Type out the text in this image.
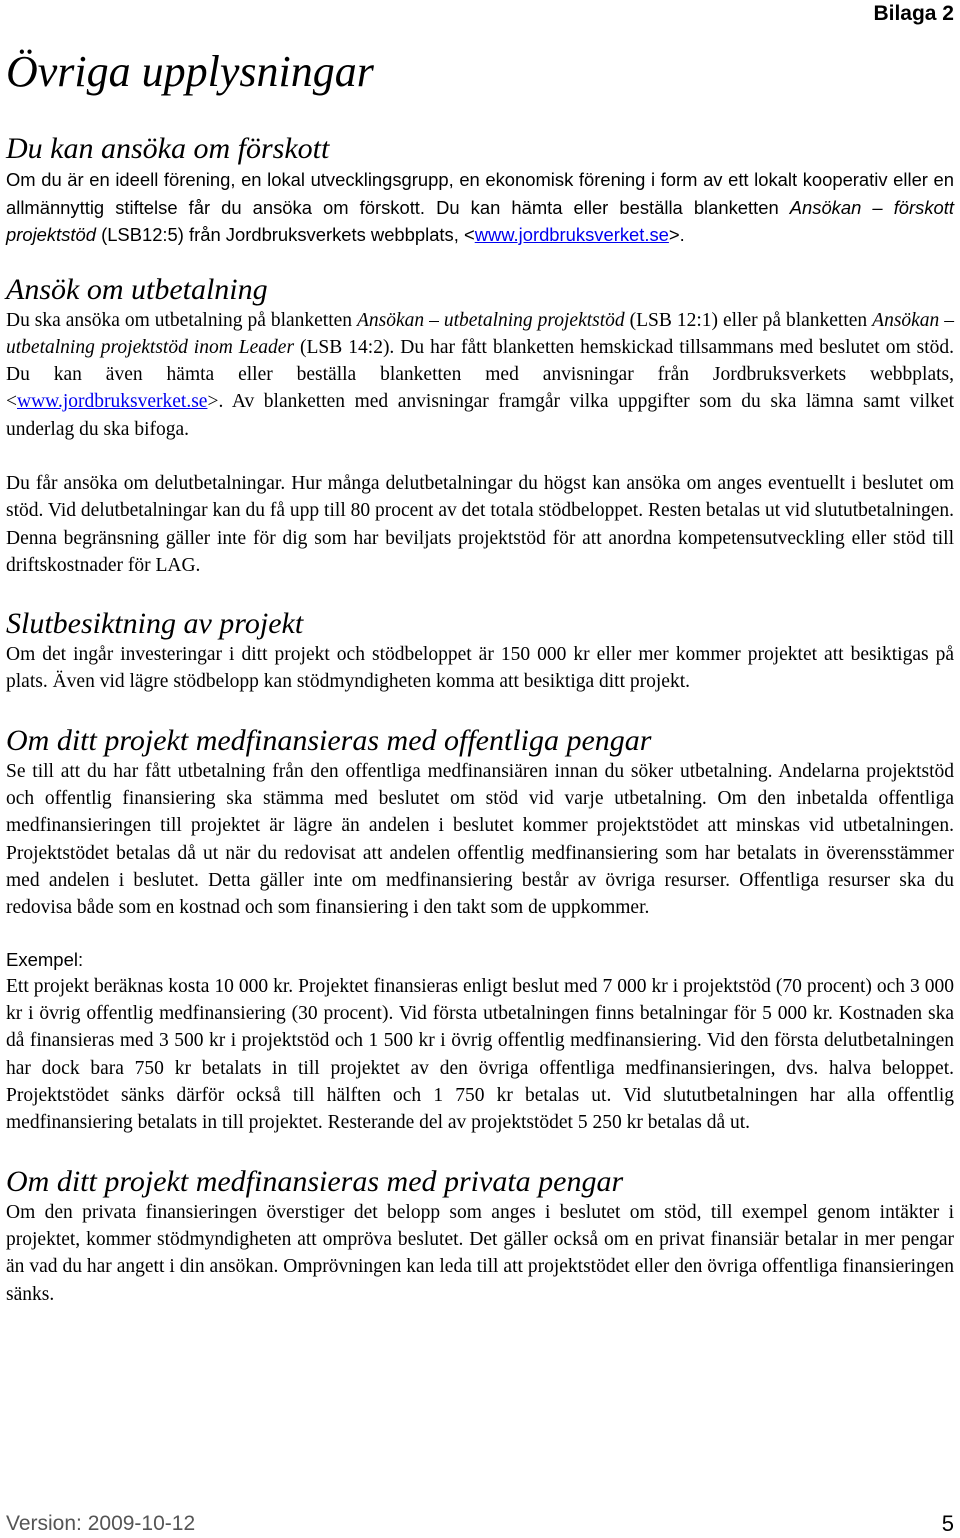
Bilaga 2
Övriga upplysningar
Du kan ansöka om förskott

Om du är en ideell förening, en lokal utvecklingsgrupp, en ekonomisk förening i form av ett lokalt kooperativ eller en allmännyttig stiftelse får du ansöka om förskott. Du kan hämta eller beställa blanketten Ansökan – förskott projektstöd (LSB12:5) från Jordbruksverkets webbplats, <www.jordbruksverket.se>.

Ansök om utbetalning

Du ska ansöka om utbetalning på blanketten Ansökan – utbetalning projektstöd (LSB 12:1) eller på blanketten Ansökan – utbetalning projektstöd inom Leader (LSB 14:2). Du har fått blanketten hemskickad tillsammans med beslutet om stöd. Du kan även hämta eller beställa blanketten med anvisningar från Jordbruksverkets webbplats, <www.jordbruksverket.se>. Av blanketten med anvisningar framgår vilka uppgifter som du ska lämna samt vilket underlag du ska bifoga.

Du får ansöka om delutbetalningar. Hur många delutbetalningar du högst kan ansöka om anges eventuellt i beslutet om stöd. Vid delutbetalningar kan du få upp till 80 procent av det totala stödbeloppet. Resten betalas ut vid slututbetalningen. Denna begränsning gäller inte för dig som har beviljats projektstöd för att anordna kompetensutveckling eller stöd till driftskostnader för LAG.

Slutbesiktning av projekt

Om det ingår investeringar i ditt projekt och stödbeloppet är 150 000 kr eller mer kommer projektet att besiktigas på plats. Även vid lägre stödbelopp kan stödmyndigheten komma att besiktiga ditt projekt.

Om ditt projekt medfinansieras med offentliga pengar

Se till att du har fått utbetalning från den offentliga medfinansiären innan du söker utbetalning. Andelarna projektstöd och offentlig finansiering ska stämma med beslutet om stöd vid varje utbetalning. Om den inbetalda offentliga medfinansieringen till projektet är lägre än andelen i beslutet kommer projektstödet att minskas vid utbetalningen. Projektstödet betalas då ut när du redovisat att andelen offentlig medfinansiering som har betalats in överensstämmer med andelen i beslutet. Detta gäller inte om medfinansiering består av övriga resurser. Offentliga resurser ska du redovisa både som en kostnad och som finansiering i den takt som de uppkommer.

Exempel:

Ett projekt beräknas kosta 10 000 kr. Projektet finansieras enligt beslut med 7 000 kr i projektstöd (70 procent) och 3 000 kr i övrig offentlig medfinansiering (30 procent). Vid första utbetalningen finns betalningar för 5 000 kr. Kostnaden ska då finansieras med 3 500 kr i projektstöd och 1 500 kr i övrig offentlig medfinansiering. Vid den första delutbetalningen har dock bara 750 kr betalats in till projektet av den övriga offentliga medfinansieringen, dvs. halva beloppet. Projektstödet sänks därför också till hälften och 1 750 kr betalas ut. Vid slututbetalningen har alla offentlig medfinansiering betalats in till projektet. Resterande del av projektstödet 5 250 kr betalas då ut.

Om ditt projekt medfinansieras med privata pengar

Om den privata finansieringen överstiger det belopp som anges i beslutet om stöd, till exempel genom intäkter i projektet, kommer stödmyndigheten att ompröva beslutet. Det gäller också om en privat finansiär betalar in mer pengar än vad du har angett i din ansökan. Omprövningen kan leda till att projektstödet eller den övriga offentliga finansieringen sänks.

Version: 2009-10-12	5
